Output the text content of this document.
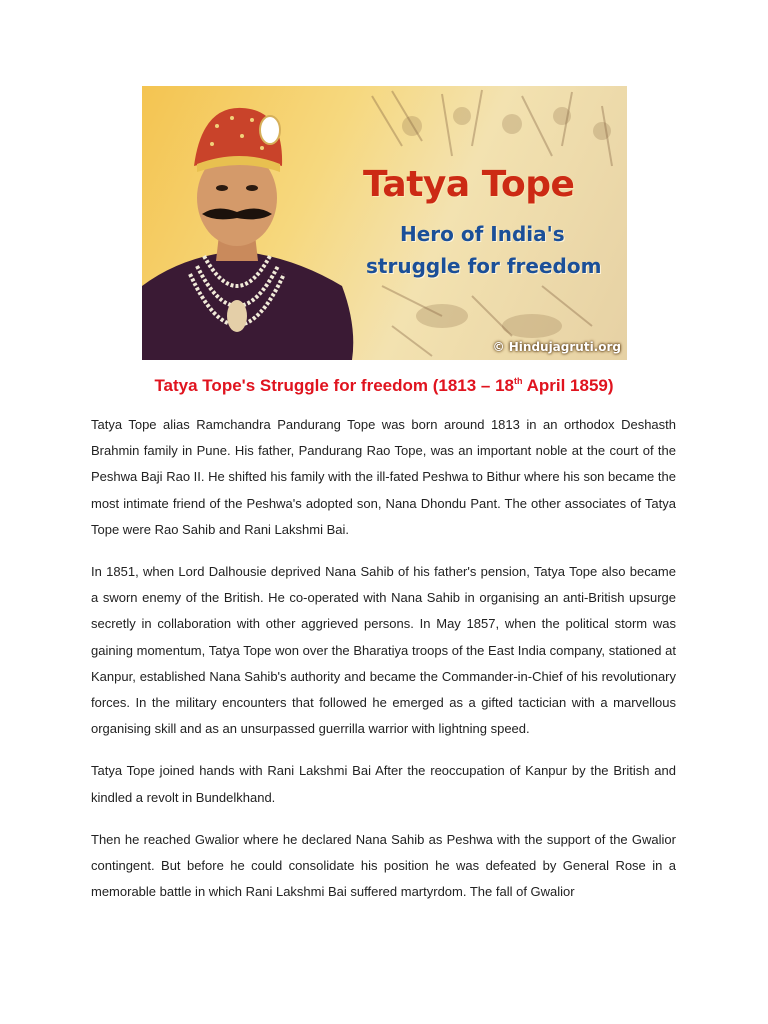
Tatya Tope
Hero of India's
struggle for freedom
© Hindujagruti.org
Tatya Tope's Struggle for freedom (1813 – 18th April 1859)

Tatya Tope alias Ramchandra Pandurang Tope was born around 1813 in an orthodox Deshasth Brahmin family in Pune. His father, Pandurang Rao Tope, was an important noble at the court of the Peshwa Baji Rao II. He shifted his family with the ill-fated Peshwa to Bithur where his son became the most intimate friend of the Peshwa's adopted son, Nana Dhondu Pant. The other associates of Tatya Tope were Rao Sahib and Rani Lakshmi Bai.

In 1851, when Lord Dalhousie deprived Nana Sahib of his father's pension, Tatya Tope also became a sworn enemy of the British. He co-operated with Nana Sahib in organising an anti-British upsurge secretly in collaboration with other aggrieved persons. In May 1857, when the political storm was gaining momentum, Tatya Tope won over the Bharatiya troops of the East India company, stationed at Kanpur, established Nana Sahib's authority and became the Commander-in-Chief of his revolutionary forces. In the military encounters that followed he emerged as a gifted tactician with a marvellous organising skill and as an unsurpassed guerrilla warrior with lightning speed.

Tatya Tope joined hands with Rani Lakshmi Bai After the reoccupation of Kanpur by the British and kindled a revolt in Bundelkhand.

Then he reached Gwalior where he declared Nana Sahib as Peshwa with the support of the Gwalior contingent. But before he could consolidate his position he was defeated by General Rose in a memorable battle in which Rani Lakshmi Bai suffered martyrdom. The fall of Gwalior
